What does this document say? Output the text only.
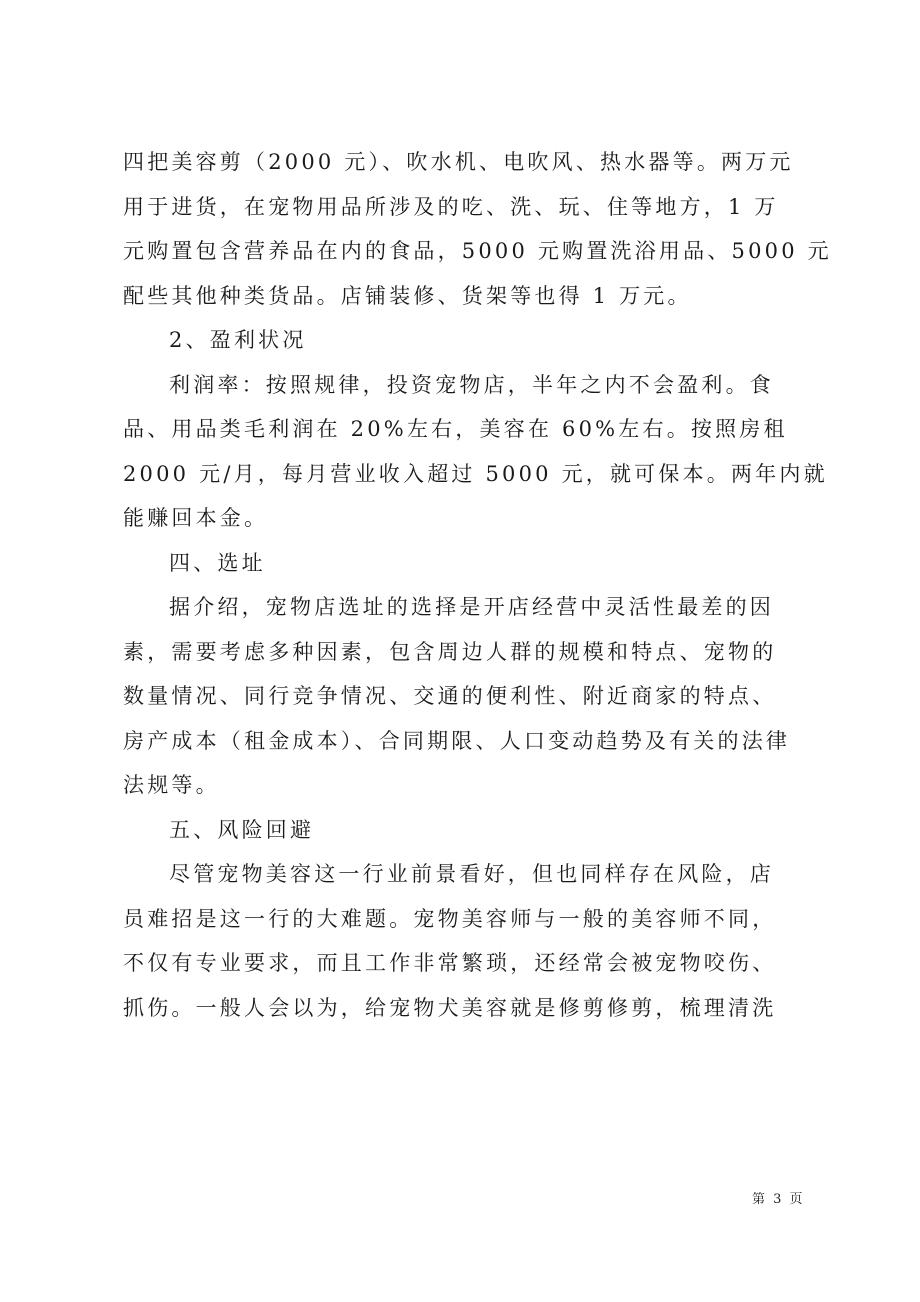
四把美容剪（2000 元）、吹水机、电吹风、热水器等。两万元
用于进货，在宠物用品所涉及的吃、洗、玩、住等地方，1 万
元购置包含营养品在内的食品，5000 元购置洗浴用品、5000 元
配些其他种类货品。店铺装修、货架等也得 1 万元。
2、盈利状况
利润率：按照规律，投资宠物店，半年之内不会盈利。食
品、用品类毛利润在 20%左右，美容在 60%左右。按照房租
2000 元/月，每月营业收入超过 5000 元，就可保本。两年内就
能赚回本金。
四、选址
据介绍，宠物店选址的选择是开店经营中灵活性最差的因
素，需要考虑多种因素，包含周边人群的规模和特点、宠物的
数量情况、同行竞争情况、交通的便利性、附近商家的特点、
房产成本（租金成本）、合同期限、人口变动趋势及有关的法律
法规等。
五、风险回避
尽管宠物美容这一行业前景看好，但也同样存在风险，店
员难招是这一行的大难题。宠物美容师与一般的美容师不同，
不仅有专业要求，而且工作非常繁琐，还经常会被宠物咬伤、
抓伤。一般人会以为，给宠物犬美容就是修剪修剪，梳理清洗
第 3 页
